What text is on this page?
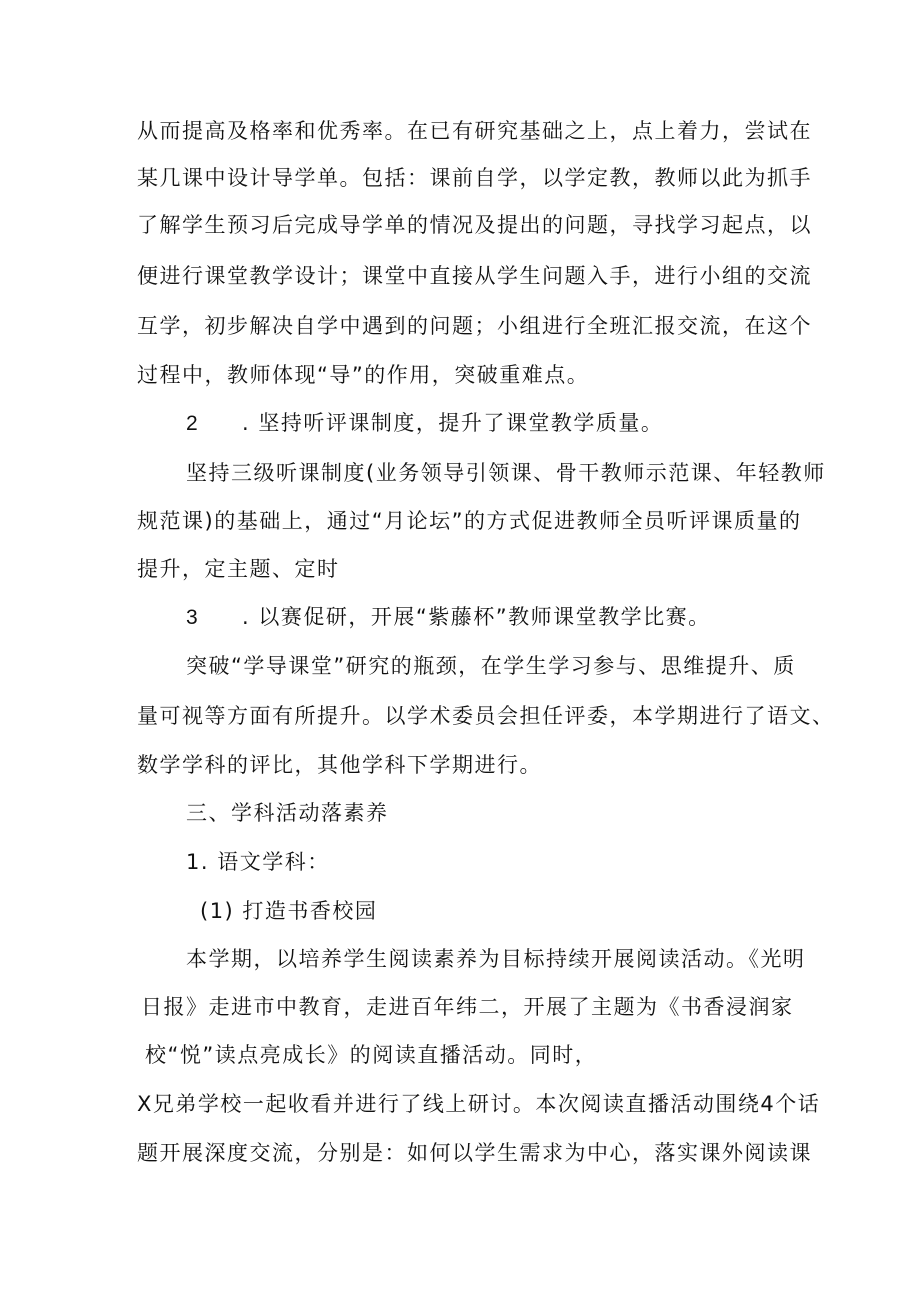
从而提高及格率和优秀率。在已有研究基础之上，点上着力，尝试在
某几课中设计导学单。包括：课前自学，以学定教，教师以此为抓手
了解学生预习后完成导学单的情况及提出的问题，寻找学习起点，以
便进行课堂教学设计；课堂中直接从学生问题入手，进行小组的交流
互学，初步解决自学中遇到的问题；小组进行全班汇报交流，在这个
过程中，教师体现“导”的作用，突破重难点。
2 . 坚持听评课制度，提升了课堂教学质量。
坚持三级听课制度(业务领导引领课、骨干教师示范课、年轻教师
规范课)的基础上，通过“月论坛”的方式促进教师全员听评课质量的
提升，定主题、定时
3 . 以赛促研，开展“紫藤杯”教师课堂教学比赛。
突破“学导课堂”研究的瓶颈，在学生学习参与、思维提升、质
量可视等方面有所提升。以学术委员会担任评委，本学期进行了语文、
数学学科的评比，其他学科下学期进行。
三、学科活动落素养
1. 语文学科：
(1) 打造书香校园
本学期，以培养学生阅读素养为目标持续开展阅读活动。《光明
日报》走进市中教育，走进百年纬二，开展了主题为《书香浸润家
校“悦”读点亮成长》的阅读直播活动。同时，
X兄弟学校一起收看并进行了线上研讨。本次阅读直播活动围绕4个话
题开展深度交流，分别是：如何以学生需求为中心，落实课外阅读课
